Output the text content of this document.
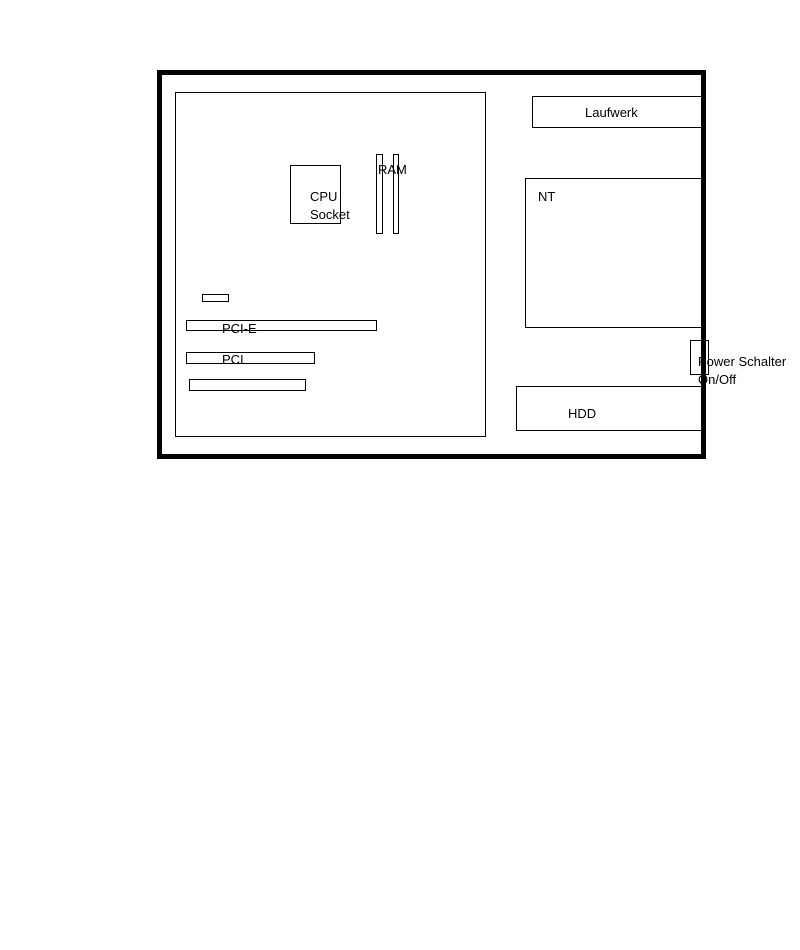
CPU
Socket
RAM
PCI-E
PCI
Laufwerk
NT
HDD
Power Schalter
On/Off
